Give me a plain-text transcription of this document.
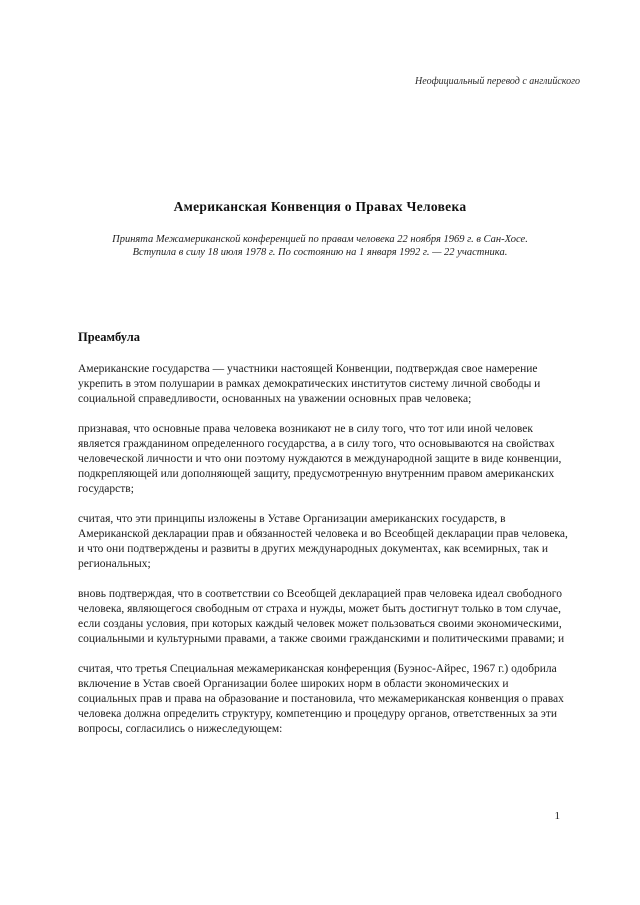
Неофициальный перевод с английского
Американская Конвенция о Правах Человека
Принята Межамериканской конференцией по правам человека 22 ноября 1969 г. в Сан-Хосе.
Вступила в силу 18 июля 1978 г. По состоянию на 1 января 1992 г. — 22 участника.
Преамбула

Американские государства — участники настоящей Конвенции, подтверждая свое намерение укрепить в этом полушарии в рамках демократических институтов систему личной свободы и социальной справедливости, основанных на уважении основных прав человека;

признавая, что основные права человека возникают не в силу того, что тот или иной человек является гражданином определенного государства, а в силу того, что основываются на свойствах человеческой личности и что они поэтому нуждаются в международной защите в виде конвенции, подкрепляющей или дополняющей защиту, предусмотренную внутренним правом американских государств;

считая, что эти принципы изложены в Уставе Организации американских государств, в Американской декларации прав и обязанностей человека и во Всеобщей декларации прав человека, и что они подтверждены и развиты в других международных документах, как всемирных, так и региональных;

вновь подтверждая, что в соответствии со Всеобщей декларацией прав человека идеал свободного человека, являющегося свободным от страха и нужды, может быть достигнут только в том случае, если созданы условия, при которых каждый человек может пользоваться своими экономическими, социальными и культурными правами, а также своими гражданскими и политическими правами; и

считая, что третья Специальная межамериканская конференция (Буэнос-Айрес, 1967 г.) одобрила включение в Устав своей Организации более широких норм в области экономических и социальных прав и права на образование и постановила, что межамериканская конвенция о правах человека должна определить структуру, компетенцию и процедуру органов, ответственных за эти вопросы, согласились о нижеследующем:

1
